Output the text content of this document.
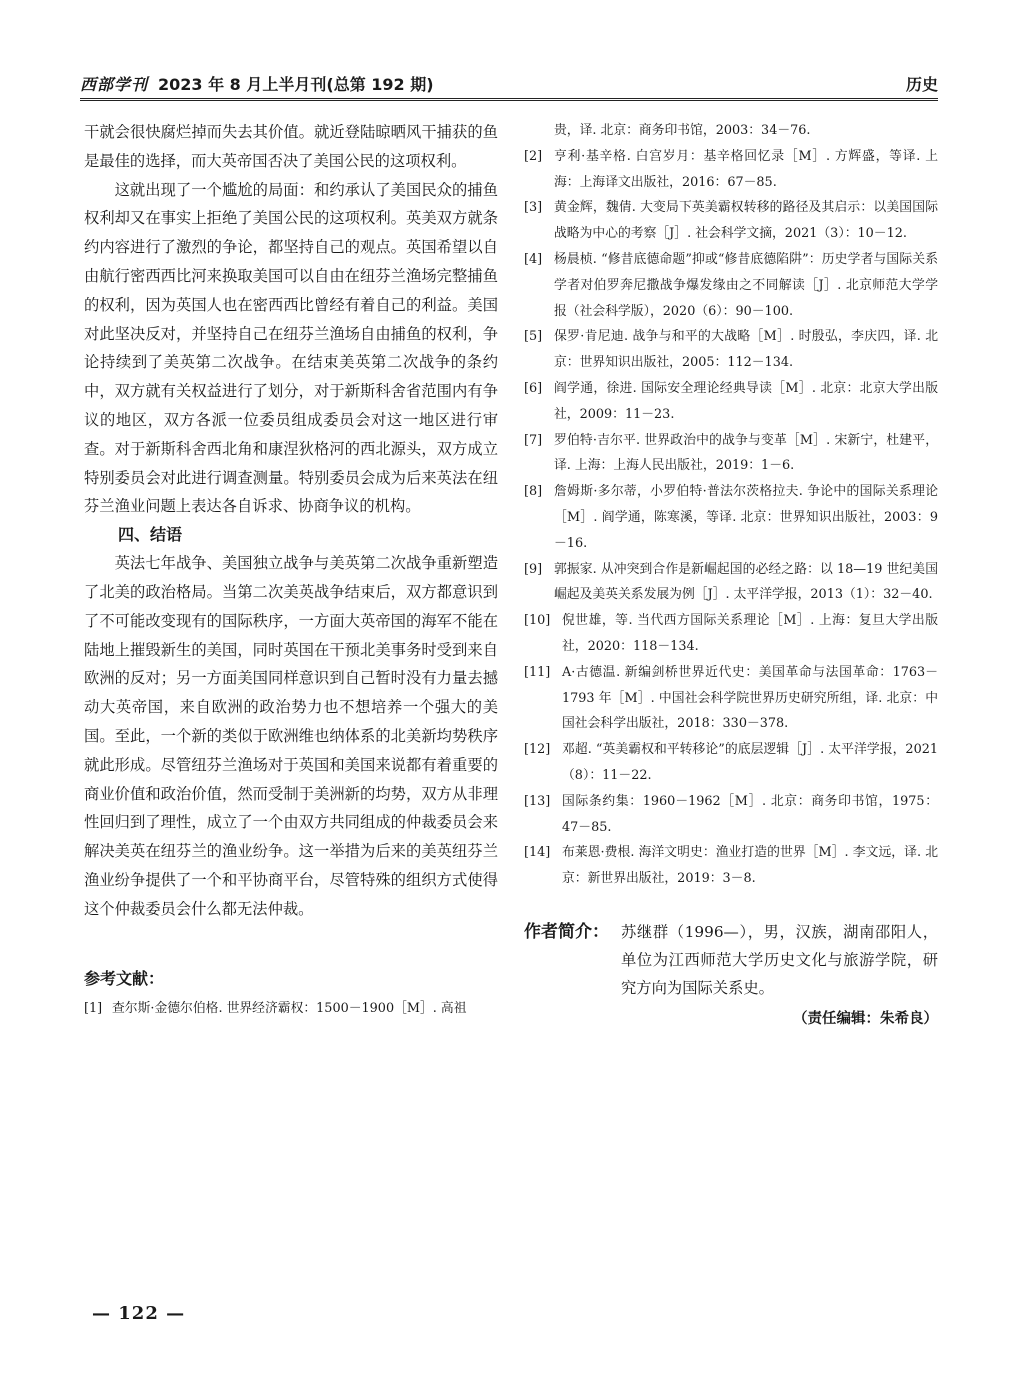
西部学刊 2023 年 8 月上半月刊(总第 192 期)	历史

干就会很快腐烂掉而失去其价值。就近登陆晾晒风干捕获的鱼是最佳的选择，而大英帝国否决了美国公民的这项权利。

这就出现了一个尴尬的局面：和约承认了美国民众的捕鱼权利却又在事实上拒绝了美国公民的这项权利。英美双方就条约内容进行了激烈的争论，都坚持自己的观点。英国希望以自由航行密西西比河来换取美国可以自由在纽芬兰渔场完整捕鱼的权利，因为英国人也在密西西比曾经有着自己的利益。美国对此坚决反对，并坚持自己在纽芬兰渔场自由捕鱼的权利，争论持续到了美英第二次战争。在结束美英第二次战争的条约中，双方就有关权益进行了划分，对于新斯科舍省范围内有争议的地区，双方各派一位委员组成委员会对这一地区进行审查。对于新斯科舍西北角和康涅狄格河的西北源头，双方成立特别委员会对此进行调查测量。特别委员会成为后来英法在纽芬兰渔业问题上表达各自诉求、协商争议的机构。

四、结语

英法七年战争、美国独立战争与美英第二次战争重新塑造了北美的政治格局。当第二次美英战争结束后，双方都意识到了不可能改变现有的国际秩序，一方面大英帝国的海军不能在陆地上摧毁新生的美国，同时英国在干预北美事务时受到来自欧洲的反对；另一方面美国同样意识到自己暂时没有力量去撼动大英帝国，来自欧洲的政治势力也不想培养一个强大的美国。至此，一个新的类似于欧洲维也纳体系的北美新均势秩序就此形成。尽管纽芬兰渔场对于英国和美国来说都有着重要的商业价值和政治价值，然而受制于美洲新的均势，双方从非理性回归到了理性，成立了一个由双方共同组成的仲裁委员会来解决美英在纽芬兰的渔业纷争。这一举措为后来的美英纽芬兰渔业纷争提供了一个和平协商平台，尽管特殊的组织方式使得这个仲裁委员会什么都无法仲裁。

参考文献：
[1] 查尔斯·金德尔伯格. 世界经济霸权：1500－1900［M］. 高祖
贵，译. 北京：商务印书馆，2003：34－76.
[2] 亨利·基辛格. 白宫岁月：基辛格回忆录［M］. 方辉盛，等译. 上海：上海译文出版社，2016：67－85.
[3] 黄金辉，魏倩. 大变局下英美霸权转移的路径及其启示：以美国国际战略为中心的考察［J］. 社会科学文摘，2021（3）：10－12.
[4] 杨晨桢. “修昔底德命题”抑或“修昔底德陷阱”：历史学者与国际关系学者对伯罗奔尼撒战争爆发缘由之不同解读［J］. 北京师范大学学报（社会科学版），2020（6）：90－100.
[5] 保罗·肯尼迪. 战争与和平的大战略［M］. 时殷弘，李庆四，译. 北京：世界知识出版社，2005：112－134.
[6] 阎学通，徐进. 国际安全理论经典导读［M］. 北京：北京大学出版社，2009：11－23.
[7] 罗伯特·吉尔平. 世界政治中的战争与变革［M］. 宋新宁，杜建平，译. 上海：上海人民出版社，2019：1－6.
[8] 詹姆斯·多尔蒂，小罗伯特·普法尔茨格拉夫. 争论中的国际关系理论［M］. 阎学通，陈寒溪，等译. 北京：世界知识出版社，2003：9－16.
[9] 郭振家. 从冲突到合作是新崛起国的必经之路：以 18—19 世纪美国崛起及美英关系发展为例［J］. 太平洋学报，2013（1）：32－40.
[10] 倪世雄，等. 当代西方国际关系理论［M］. 上海：复旦大学出版社，2020：118－134.
[11] A·古德温. 新编剑桥世界近代史：美国革命与法国革命：1763－1793 年［M］. 中国社会科学院世界历史研究所组，译. 北京：中国社会科学出版社，2018：330－378.
[12] 邓超. “英美霸权和平转移论”的底层逻辑［J］. 太平洋学报，2021（8）：11－22.
[13] 国际条约集：1960－1962［M］. 北京：商务印书馆，1975：47－85.
[14] 布莱恩·费根. 海洋文明史：渔业打造的世界［M］. 李文远，译. 北京：新世界出版社，2019：3－8.
作者简介： 苏继群（1996—），男，汉族，湖南邵阳人，单位为江西师范大学历史文化与旅游学院，研究方向为国际关系史。
（责任编辑：朱希良）
— 122 —
